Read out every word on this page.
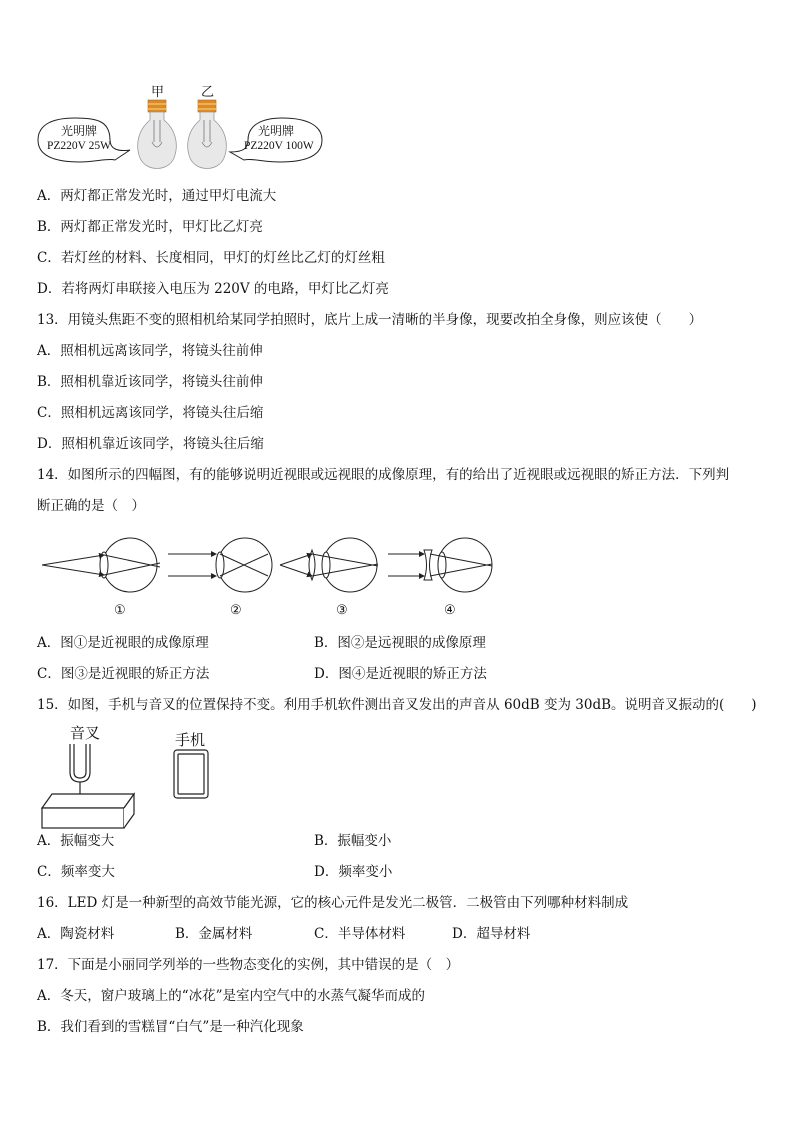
甲	乙
光明牌
PZ220V 25W
光明牌
PZ220V 100W
A．两灯都正常发光时，通过甲灯电流大
B．两灯都正常发光时，甲灯比乙灯亮
C．若灯丝的材料、长度相同，甲灯的灯丝比乙灯的灯丝粗
D．若将两灯串联接入电压为 220V 的电路，甲灯比乙灯亮
13．用镜头焦距不变的照相机给某同学拍照时，底片上成一清晰的半身像，现要改拍全身像，则应该使（　　）
A．照相机远离该同学，将镜头往前伸
B．照相机靠近该同学，将镜头往前伸
C．照相机远离该同学，将镜头往后缩
D．照相机靠近该同学，将镜头往后缩
14．如图所示的四幅图，有的能够说明近视眼或远视眼的成像原理，有的给出了近视眼或远视眼的矫正方法．下列判
断正确的是（　）
①	②	③	④
A．图①是近视眼的成像原理	B．图②是远视眼的成像原理
C．图③是近视眼的矫正方法	D．图④是近视眼的矫正方法
15．如图，手机与音叉的位置保持不变。利用手机软件测出音叉发出的声音从 60dB 变为 30dB。说明音叉振动的(　　)
音叉	手机
A．振幅变大	B．振幅变小
C．频率变大	D．频率变小
16．LED 灯是一种新型的高效节能光源，它的核心元件是发光二极管．二极管由下列哪种材料制成
A．陶瓷材料	B．金属材料	C．半导体材料	D．超导材料
17．下面是小丽同学列举的一些物态变化的实例，其中错误的是（　）
A．冬天，窗户玻璃上的“冰花”是室内空气中的水蒸气凝华而成的
B．我们看到的雪糕冒“白气”是一种汽化现象
